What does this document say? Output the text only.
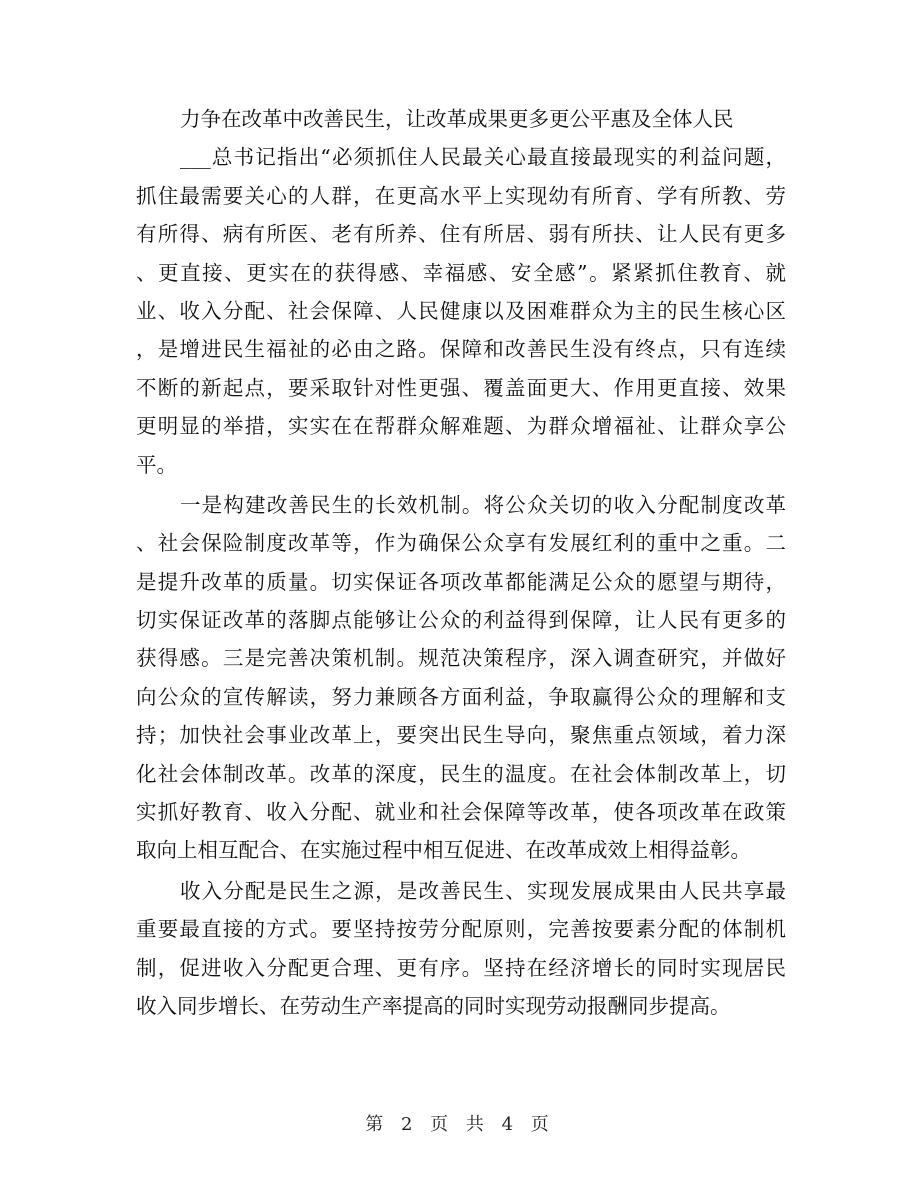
力争在改革中改善民生，让改革成果更多更公平惠及全体人民
___总书记指出“必须抓住人民最关心最直接最现实的利益问题，
抓住最需要关心的人群，在更高水平上实现幼有所育、学有所教、劳
有所得、病有所医、老有所养、住有所居、弱有所扶、让人民有更多
、更直接、更实在的获得感、幸福感、安全感”。紧紧抓住教育、就
业、收入分配、社会保障、人民健康以及困难群众为主的民生核心区
，是增进民生福祉的必由之路。保障和改善民生没有终点，只有连续
不断的新起点，要采取针对性更强、覆盖面更大、作用更直接、效果
更明显的举措，实实在在帮群众解难题、为群众增福祉、让群众享公
平。
一是构建改善民生的长效机制。将公众关切的收入分配制度改革
、社会保险制度改革等，作为确保公众享有发展红利的重中之重。二
是提升改革的质量。切实保证各项改革都能满足公众的愿望与期待，
切实保证改革的落脚点能够让公众的利益得到保障，让人民有更多的
获得感。三是完善决策机制。规范决策程序，深入调查研究，并做好
向公众的宣传解读，努力兼顾各方面利益，争取赢得公众的理解和支
持；加快社会事业改革上，要突出民生导向，聚焦重点领域，着力深
化社会体制改革。改革的深度，民生的温度。在社会体制改革上，切
实抓好教育、收入分配、就业和社会保障等改革，使各项改革在政策
取向上相互配合、在实施过程中相互促进、在改革成效上相得益彰。
收入分配是民生之源，是改善民生、实现发展成果由人民共享最
重要最直接的方式。要坚持按劳分配原则，完善按要素分配的体制机
制，促进收入分配更合理、更有序。坚持在经济增长的同时实现居民
收入同步增长、在劳动生产率提高的同时实现劳动报酬同步提高。
第 2 页 共 4 页
